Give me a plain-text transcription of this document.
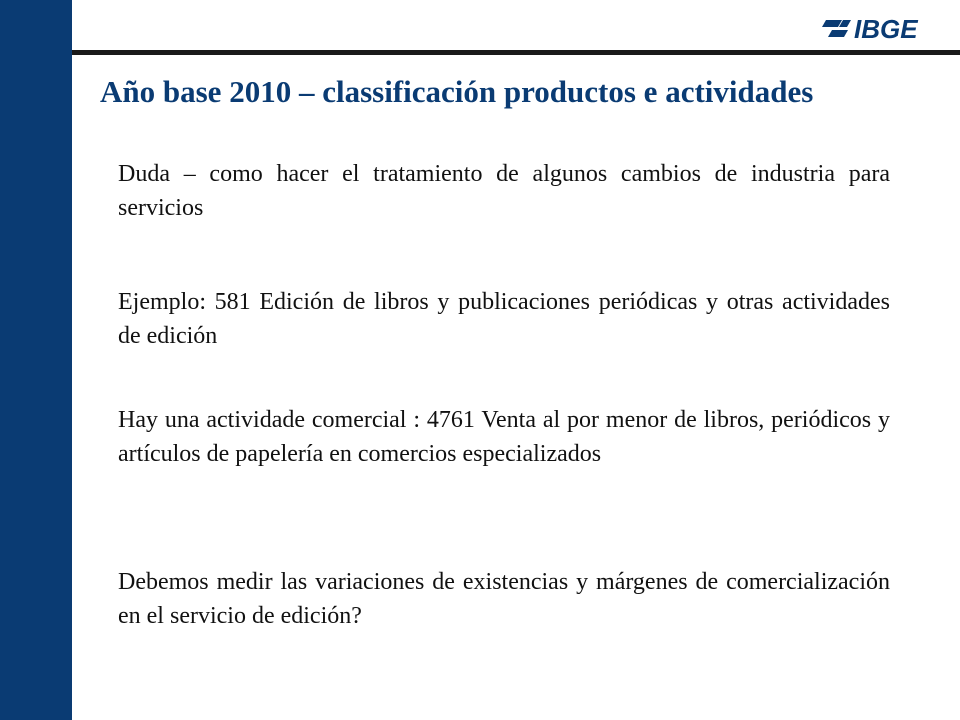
IBGE
Año base 2010 – classificación productos e actividades

Duda – como hacer el tratamiento de algunos cambios de industria para servicios

Ejemplo: 581 Edición de libros y publicaciones periódicas y otras actividades de edición

Hay una actividade comercial : 4761 Venta al por menor de libros, periódicos y artículos de papelería en comercios especializados

Debemos medir las variaciones de existencias y márgenes de comercialización en el servicio de edición?
